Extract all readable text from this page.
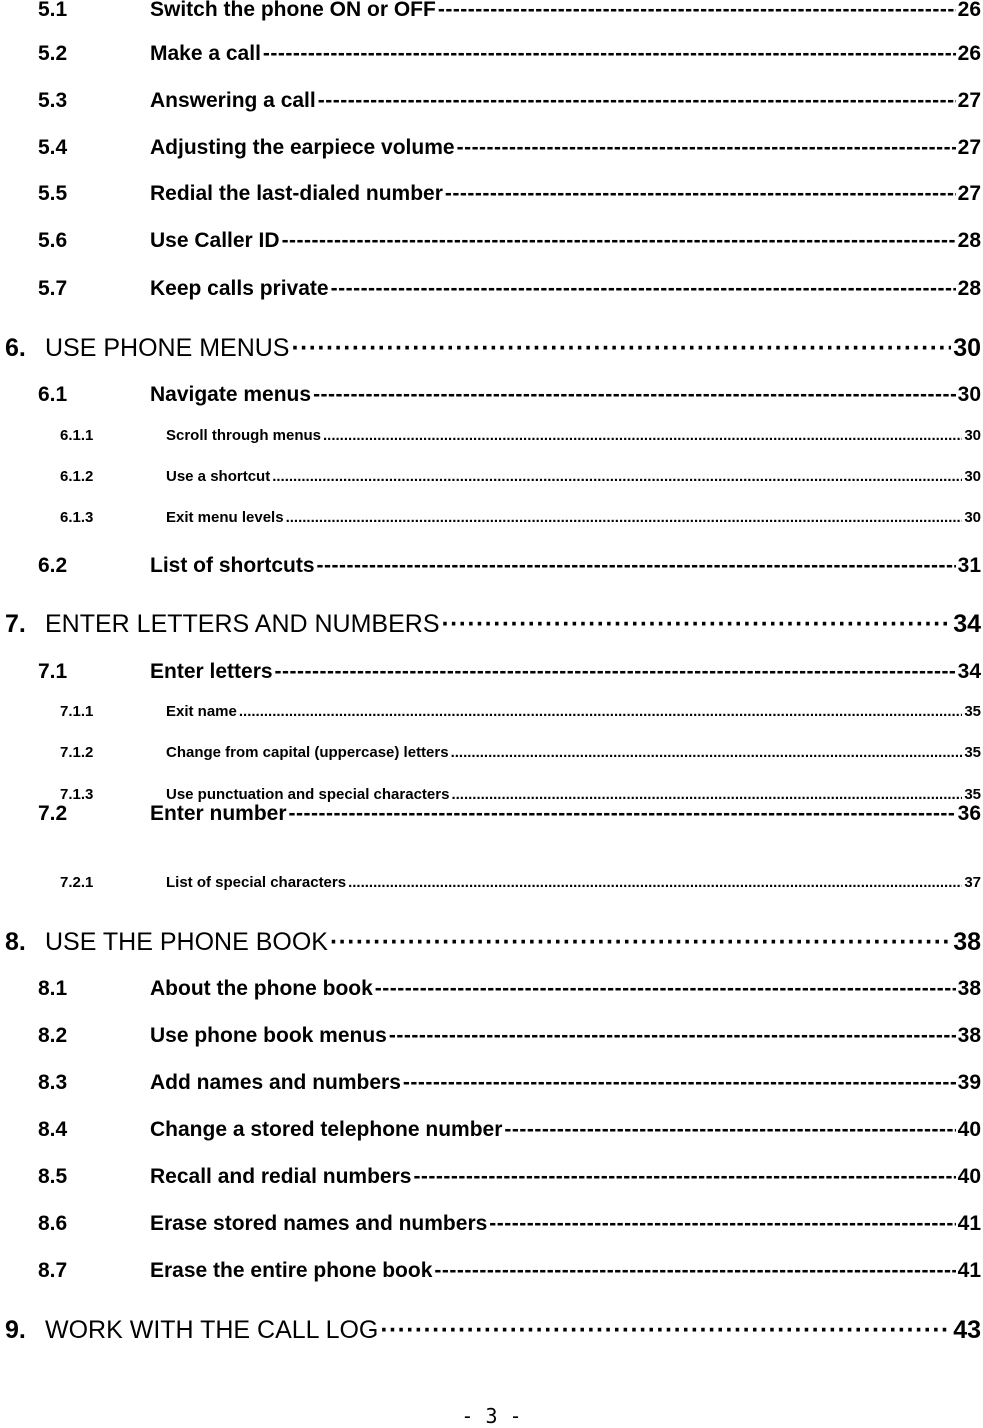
5.1	Switch the phone ON or OFF -----	26
5.2	Make a call -----	26
5.3	Answering a call -----	27
5.4	Adjusting the earpiece volume -----	27
5.5	Redial the last-dialed number -----	27
5.6	Use Caller ID -----	28
5.7	Keep calls private -----	28
6. USE PHONE MENUS ·····	30
6.1	Navigate menus -----	30
6.1.1	Scroll through menus .....	30
6.1.2	Use a shortcut .....	30
6.1.3	Exit menu levels .....	30
6.2	List of shortcuts -----	31
7. ENTER LETTERS AND NUMBERS ·····	34
7.1	Enter letters -----	34
7.1.1	Exit name .....	35
7.1.2	Change from capital (uppercase) letters .....	35
7.1.3	Use punctuation and special characters .....	35
7.2	Enter number -----	36
7.2.1	List of special characters .....	37
8. USE THE PHONE BOOK ·····	38
8.1	About the phone book -----	38
8.2	Use phone book menus -----	38
8.3	Add names and numbers -----	39
8.4	Change a stored telephone number -----	40
8.5	Recall and redial numbers -----	40
8.6	Erase stored names and numbers -----	41
8.7	Erase the entire phone book -----	41
9. WORK WITH THE CALL LOG ·····	43
- 3 -
